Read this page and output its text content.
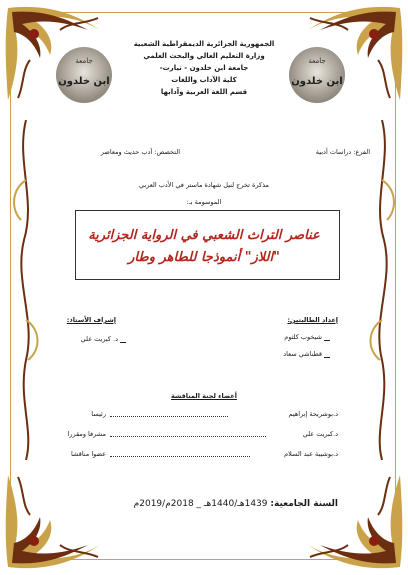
جامعة
ابن خلدون
جامعة
ابن خلدون
الجمهورية الجزائرية الديمقراطية الشعبية
وزارة التعليم العالي والبحث العلمي
جامعة ابن خلدون - تيارت-
كلية الآداب واللغات
قسم اللغة العربية وآدابها
الفرع: دراسات أدبية
التخصص: أدب حديث ومعاصر
مذكرة تخرج لنيل شهادة ماستر في الأدب العربي
الموسومة بـ:
عناصر التراث الشعبي في الرواية الجزائرية
"اللاز" أنموذجا للطاهر وطار
إعداد الطالبتين:
شيخوب كلثوم
قطناشي سعاد
إشراف الأستاذ:
د. كبريت علي
أعضاء لجنة المناقشة
د.بوشريحة إبراهيم
رئيسا
د.كبريت علي
مشرفا ومقررا
د.بوشيبة عبد السلام
عضوا مناقشا
السنة الجامعية: 1439هـ/1440هـ _ 2018م/2019م
